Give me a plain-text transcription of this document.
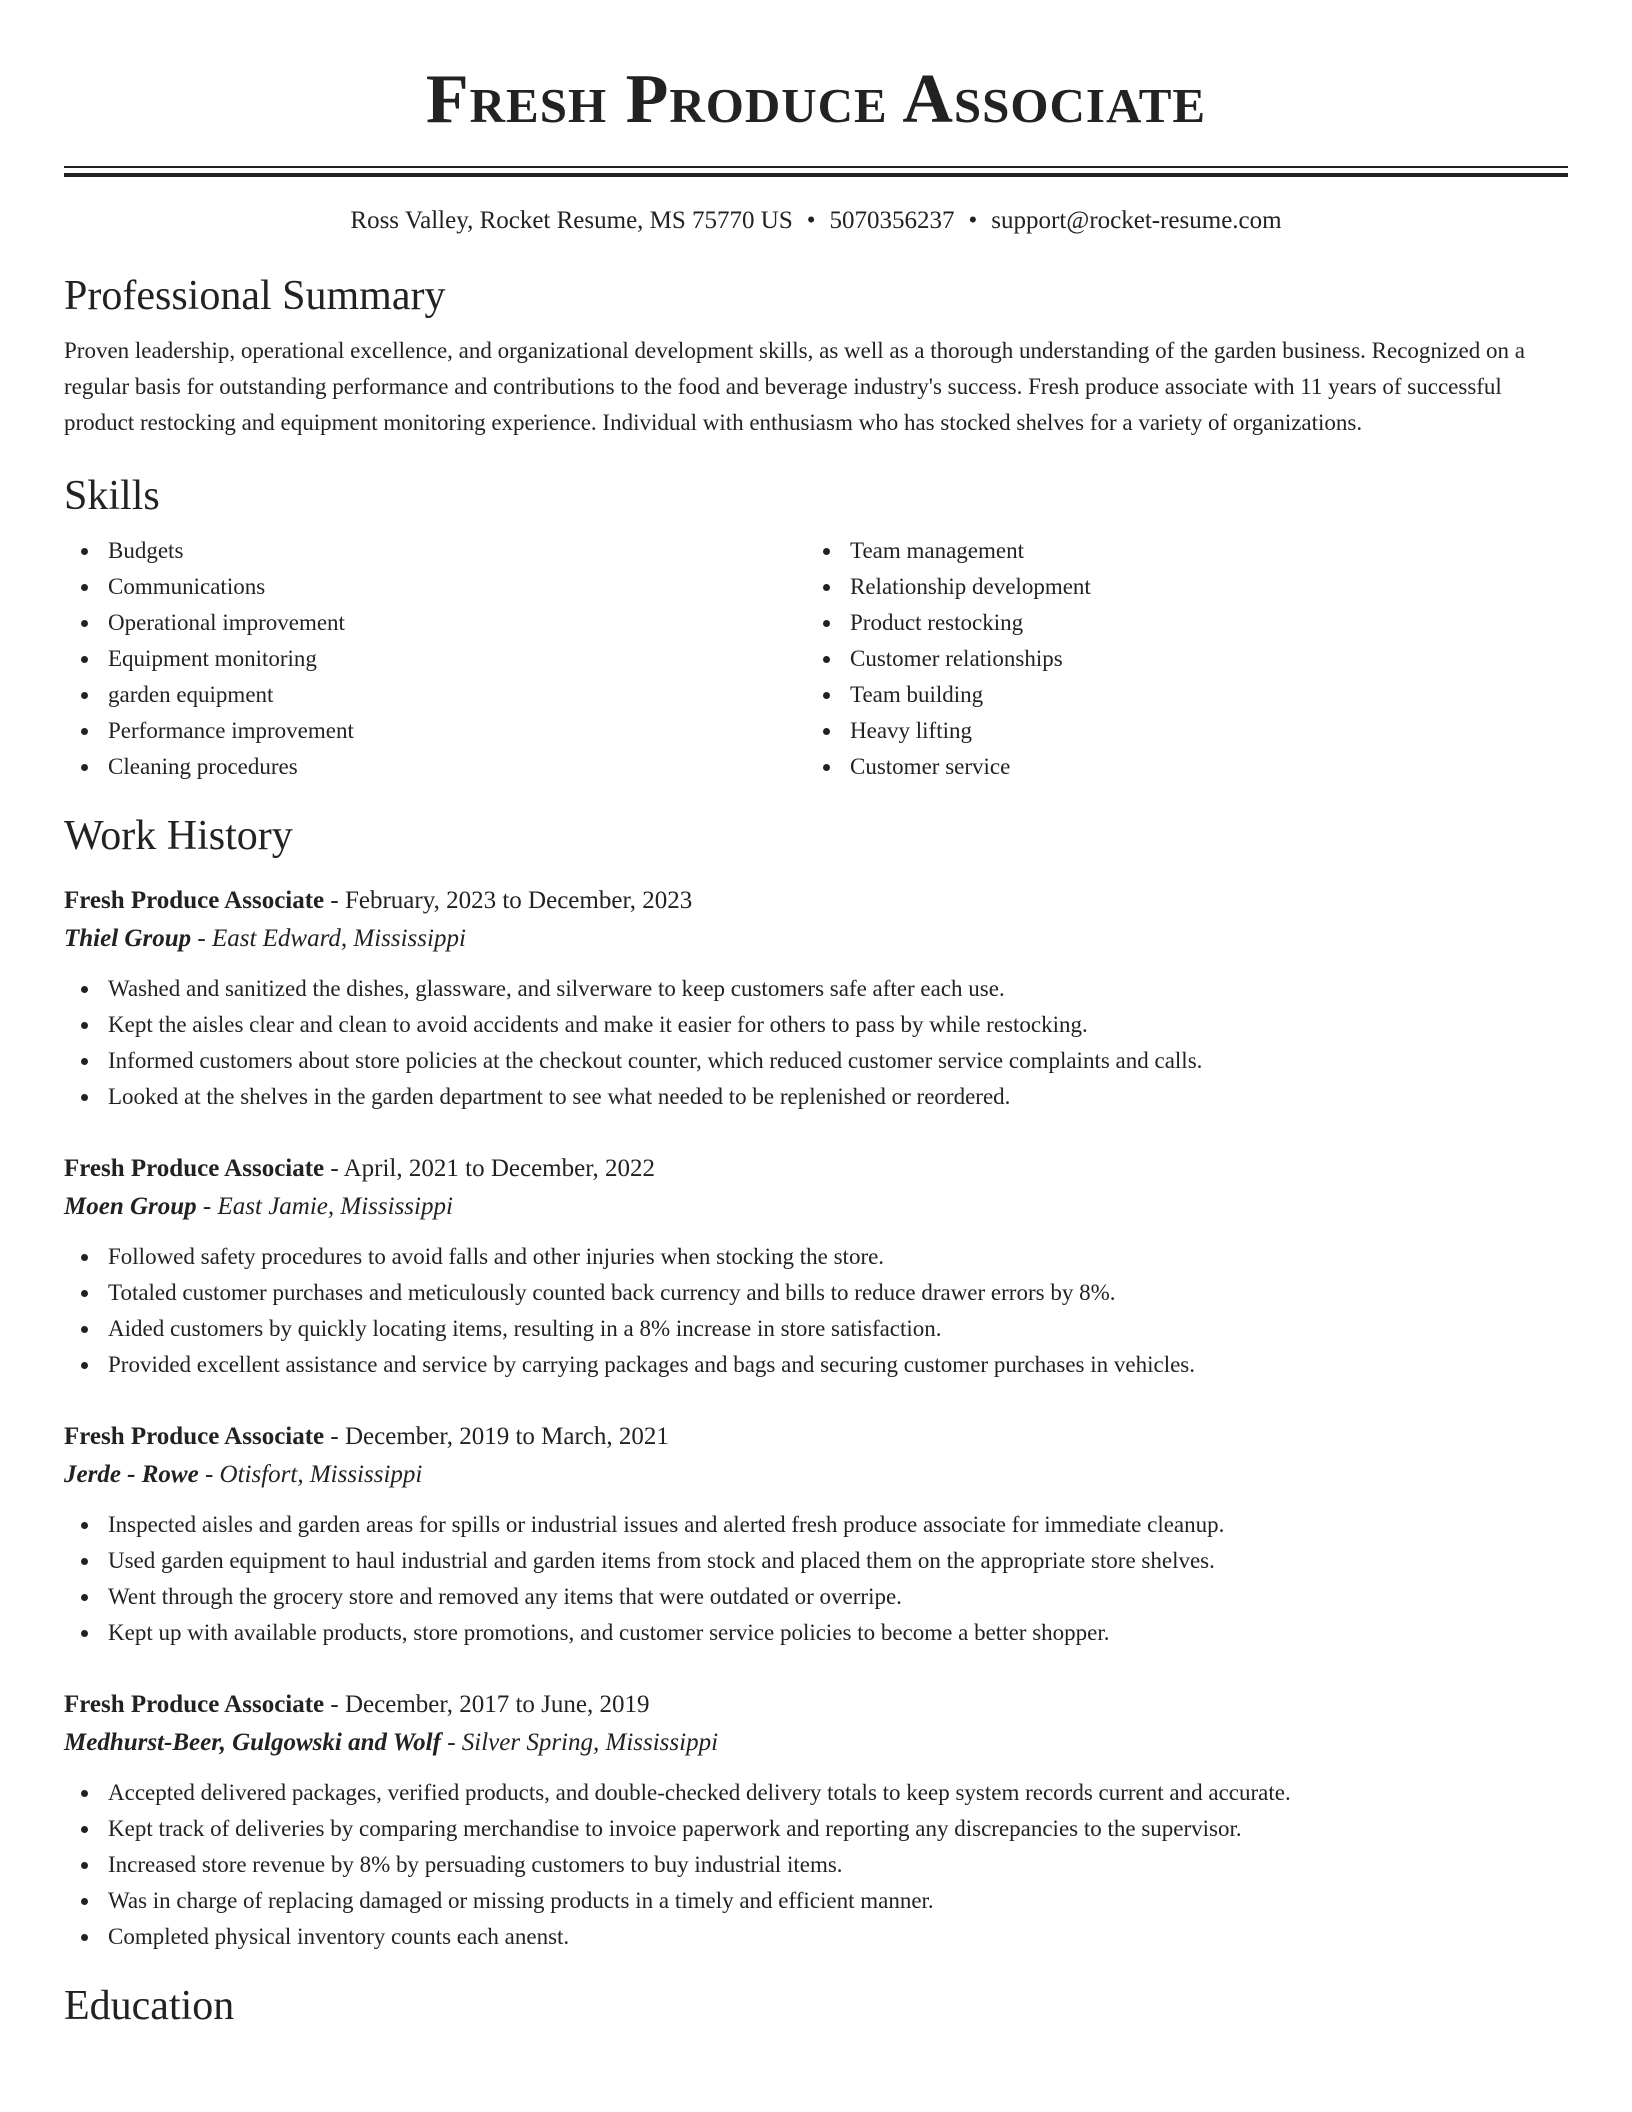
Fresh Produce Associate
Ross Valley, Rocket Resume, MS 75770 US • 5070356237 • support@rocket-resume.com
Professional Summary
Proven leadership, operational excellence, and organizational development skills, as well as a thorough understanding of the garden business. Recognized on a regular basis for outstanding performance and contributions to the food and beverage industry's success. Fresh produce associate with 11 years of successful product restocking and equipment monitoring experience. Individual with enthusiasm who has stocked shelves for a variety of organizations.
Skills
Budgets
Communications
Operational improvement
Equipment monitoring
garden equipment
Performance improvement
Cleaning procedures
Team management
Relationship development
Product restocking
Customer relationships
Team building
Heavy lifting
Customer service
Work History
Fresh Produce Associate - February, 2023 to December, 2023
Thiel Group - East Edward, Mississippi
Washed and sanitized the dishes, glassware, and silverware to keep customers safe after each use.
Kept the aisles clear and clean to avoid accidents and make it easier for others to pass by while restocking.
Informed customers about store policies at the checkout counter, which reduced customer service complaints and calls.
Looked at the shelves in the garden department to see what needed to be replenished or reordered.
Fresh Produce Associate - April, 2021 to December, 2022
Moen Group - East Jamie, Mississippi
Followed safety procedures to avoid falls and other injuries when stocking the store.
Totaled customer purchases and meticulously counted back currency and bills to reduce drawer errors by 8%.
Aided customers by quickly locating items, resulting in a 8% increase in store satisfaction.
Provided excellent assistance and service by carrying packages and bags and securing customer purchases in vehicles.
Fresh Produce Associate - December, 2019 to March, 2021
Jerde - Rowe - Otisfort, Mississippi
Inspected aisles and garden areas for spills or industrial issues and alerted fresh produce associate for immediate cleanup.
Used garden equipment to haul industrial and garden items from stock and placed them on the appropriate store shelves.
Went through the grocery store and removed any items that were outdated or overripe.
Kept up with available products, store promotions, and customer service policies to become a better shopper.
Fresh Produce Associate - December, 2017 to June, 2019
Medhurst-Beer, Gulgowski and Wolf - Silver Spring, Mississippi
Accepted delivered packages, verified products, and double-checked delivery totals to keep system records current and accurate.
Kept track of deliveries by comparing merchandise to invoice paperwork and reporting any discrepancies to the supervisor.
Increased store revenue by 8% by persuading customers to buy industrial items.
Was in charge of replacing damaged or missing products in a timely and efficient manner.
Completed physical inventory counts each anenst.
Education
